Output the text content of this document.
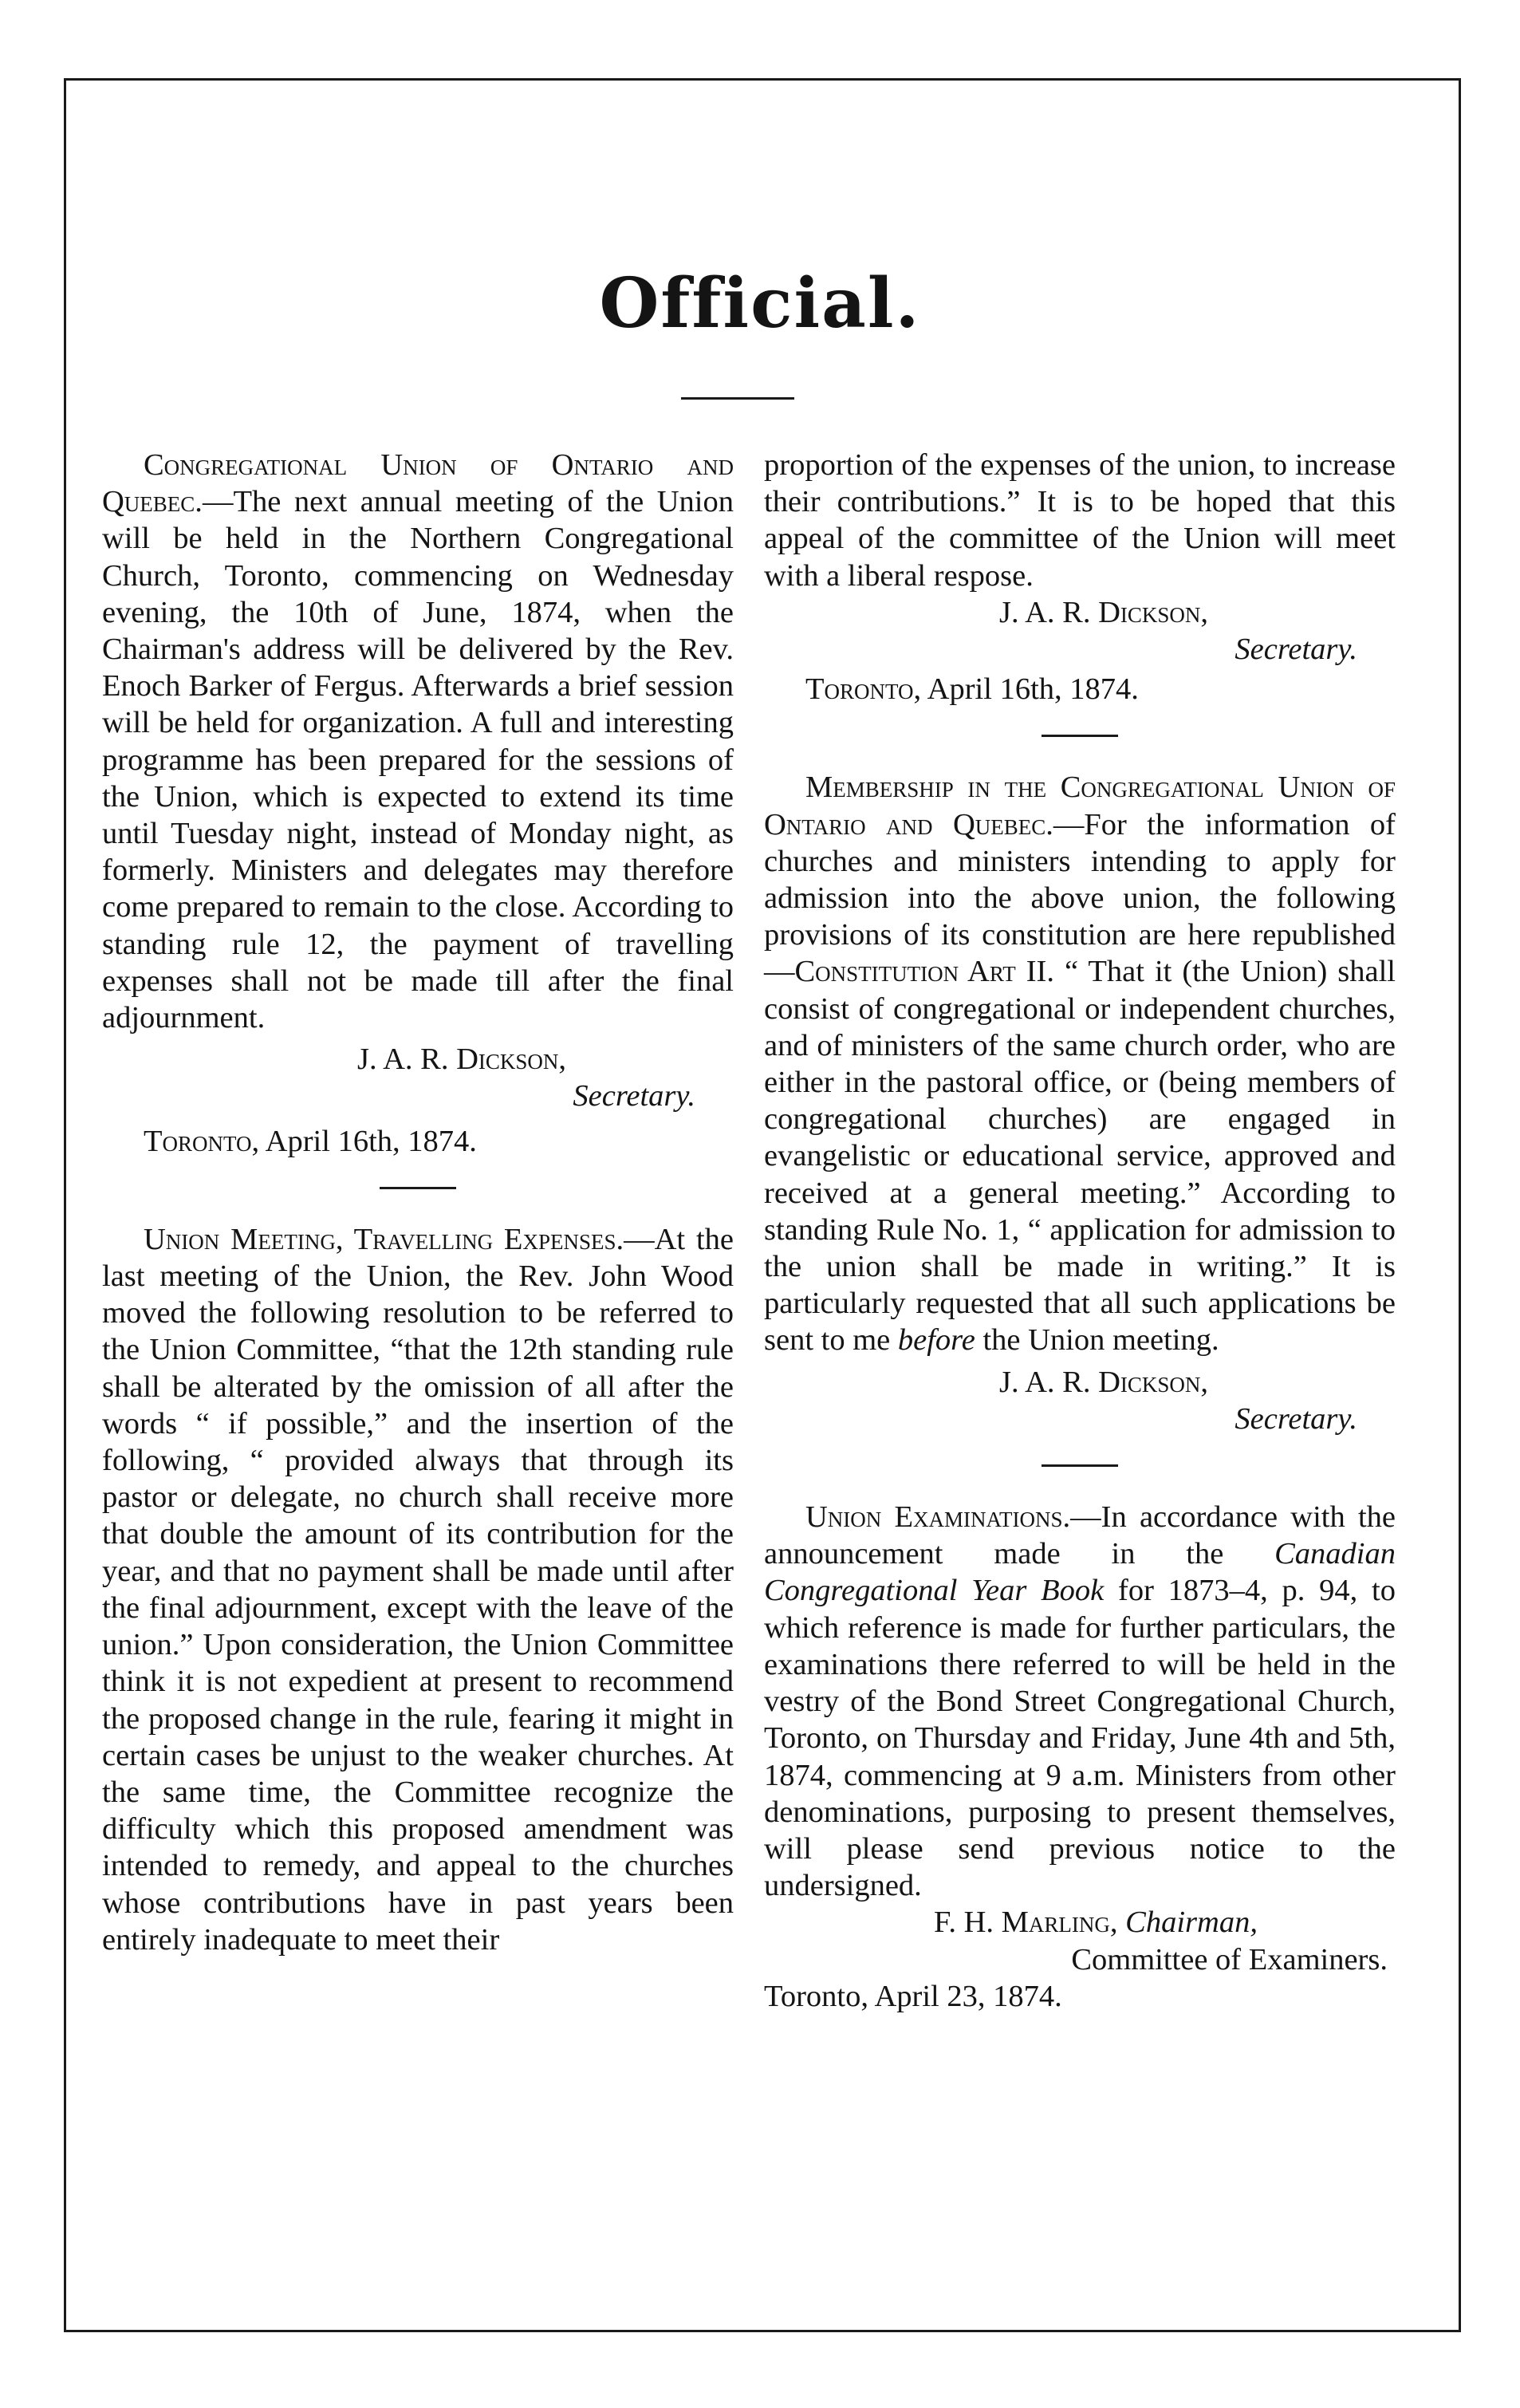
Official.

Congregational Union of Ontario and Quebec.—The next annual meeting of the Union will be held in the Northern Congregational Church, Toronto, commencing on Wednesday evening, the 10th of June, 1874, when the Chairman's address will be delivered by the Rev. Enoch Barker of Fergus. Afterwards a brief session will be held for organization. A full and interesting programme has been prepared for the sessions of the Union, which is expected to extend its time until Tuesday night, instead of Monday night, as formerly. Ministers and delegates may therefore come prepared to remain to the close. According to standing rule 12, the payment of travelling expenses shall not be made till after the final adjournment.

J. A. R. Dickson,

Secretary.

Toronto, April 16th, 1874.

Union Meeting, Travelling Expenses.—At the last meeting of the Union, the Rev. John Wood moved the following resolution to be referred to the Union Committee, “that the 12th standing rule shall be alterated by the omission of all after the words “ if possible,” and the insertion of the following, “ provided always that through its pastor or delegate, no church shall receive more that double the amount of its contribution for the year, and that no payment shall be made until after the final adjournment, except with the leave of the union.” Upon consideration, the Union Committee think it is not expedient at present to recommend the proposed change in the rule, fearing it might in certain cases be unjust to the weaker churches. At the same time, the Committee recognize the difficulty which this proposed amendment was intended to remedy, and appeal to the churches whose contributions have in past years been entirely inadequate to meet their

proportion of the expenses of the union, to increase their contributions.” It is to be hoped that this appeal of the committee of the Union will meet with a liberal respose.

J. A. R. Dickson,

Secretary.

Toronto, April 16th, 1874.

Membership in the Congregational Union of Ontario and Quebec.—For the information of churches and ministers intending to apply for admission into the above union, the following provisions of its constitution are here republished —Constitution Art II. “ That it (the Union) shall consist of congregational or independent churches, and of ministers of the same church order, who are either in the pastoral office, or (being members of congregational churches) are engaged in evangelistic or educational service, approved and received at a general meeting.” According to standing Rule No. 1, “ application for admission to the union shall be made in writing.” It is particularly requested that all such applications be sent to me before the Union meeting.

J. A. R. Dickson,

Secretary.

Union Examinations.—In accordance with the announcement made in the Canadian Congregational Year Book for 1873–4, p. 94, to which reference is made for further particulars, the examinations there referred to will be held in the vestry of the Bond Street Congregational Church, Toronto, on Thursday and Friday, June 4th and 5th, 1874, commencing at 9 a.m. Ministers from other denominations, purposing to present themselves, will please send previous notice to the undersigned.

F. H. Marling, Chairman,

Committee of Examiners.

Toronto, April 23, 1874.
